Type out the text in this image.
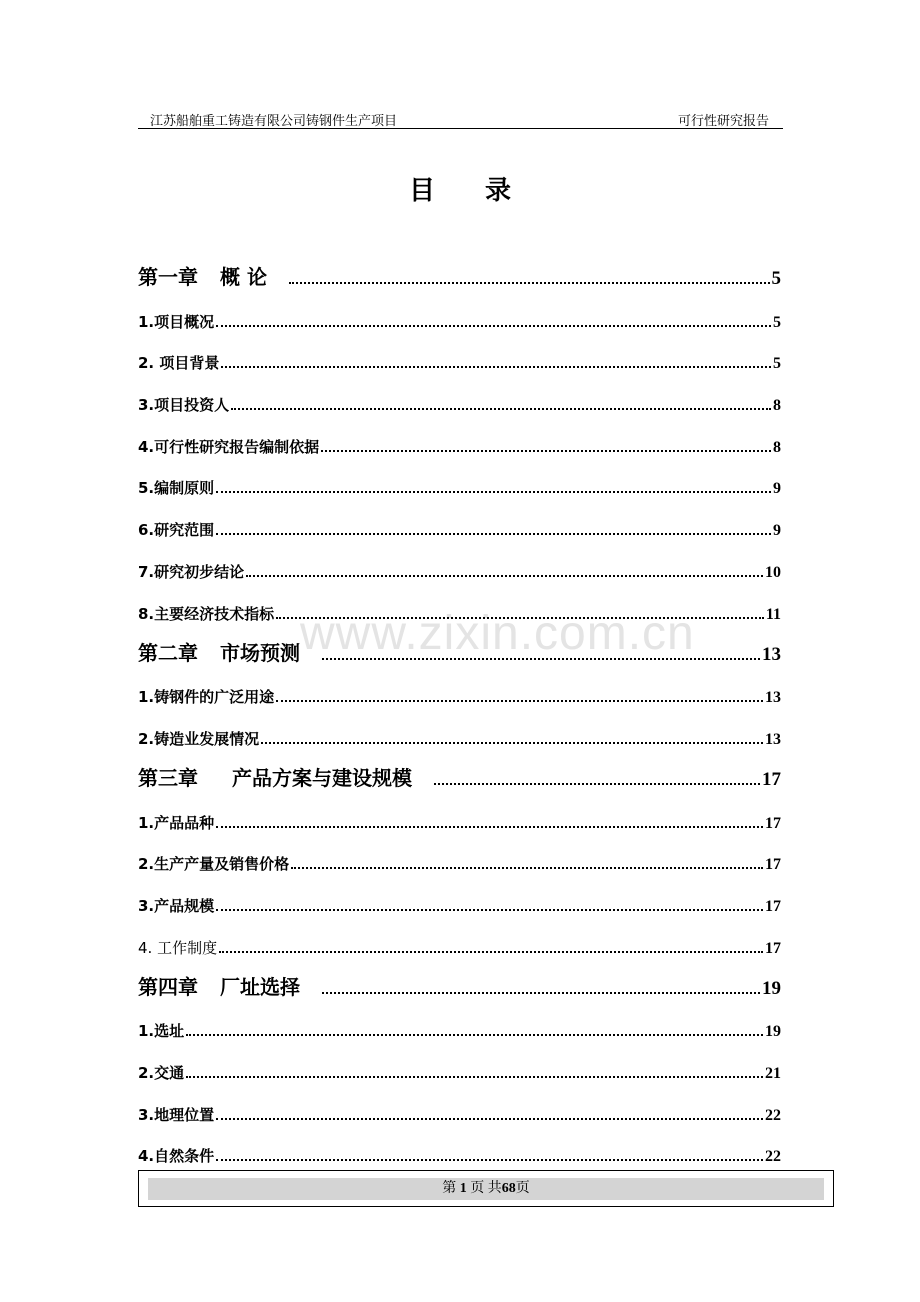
江苏船舶重工铸造有限公司铸钢件生产项目	可行性研究报告
目录
www.zixin.com.cn
第一章 概 论	5
1.项目概况	5
2. 项目背景	5
3.项目投资人	8
4.可行性研究报告编制依据	8
5.编制原则	9
6.研究范围	9
7.研究初步结论	10
8.主要经济技术指标	11
第二章 市场预测	13
1.铸钢件的广泛用途	13
2.铸造业发展情况	13
第三章 产品方案与建设规模	17
1.产品品种	17
2.生产产量及销售价格	17
3.产品规模	17
4. 工作制度	17
第四章 厂址选择	19
1.选址	19
2.交通	21
3.地理位置	22
4.自然条件	22
第 1 页 共68页
